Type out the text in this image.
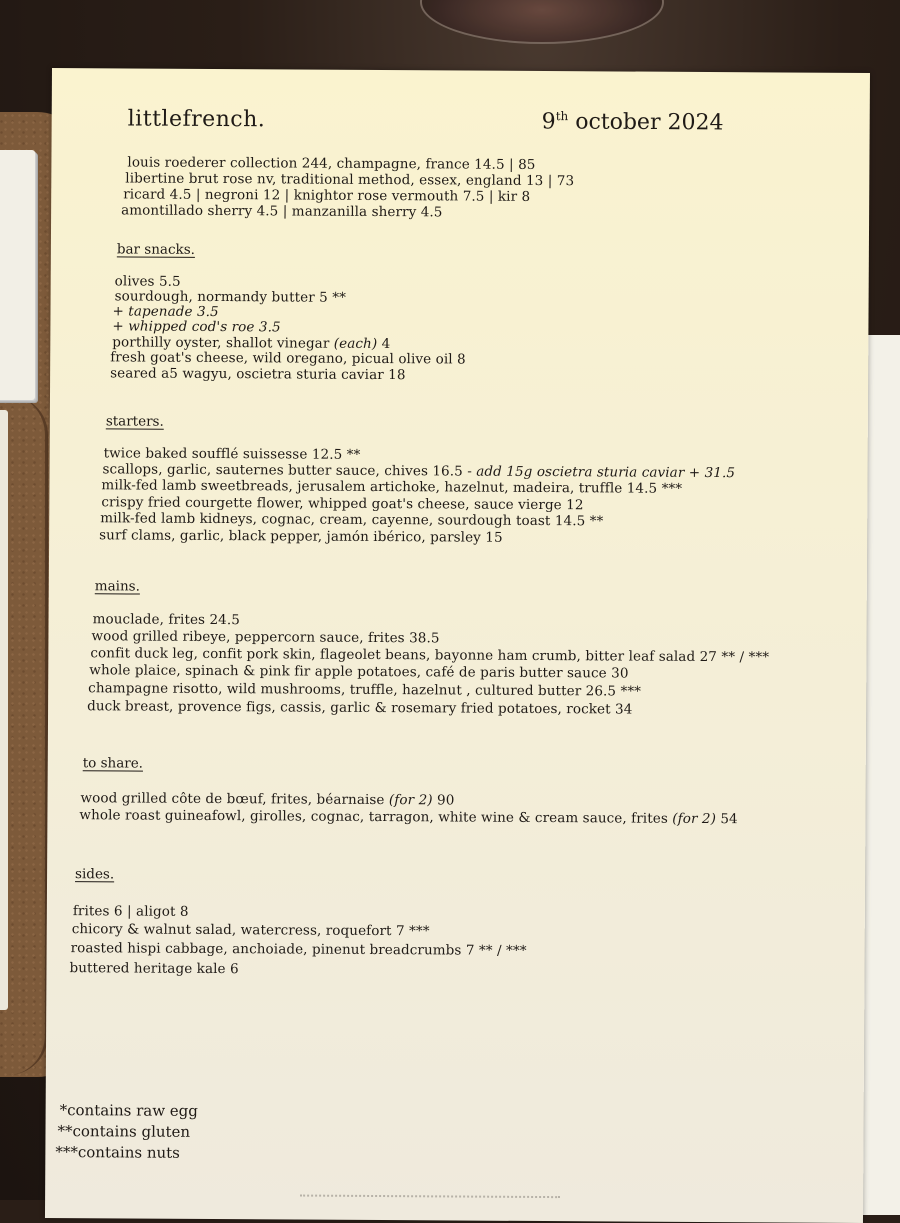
littlefrench.	9th october 2024
louis roederer collection 244, champagne, france 14.5 | 85
libertine brut rose nv, traditional method, essex, england 13 | 73
ricard 4.5 | negroni 12 | knightor rose vermouth 7.5 | kir 8
amontillado sherry 4.5 | manzanilla sherry 4.5
bar snacks.
olives 5.5
sourdough, normandy butter 5 **
+ tapenade 3.5
+ whipped cod's roe 3.5
porthilly oyster, shallot vinegar (each) 4
fresh goat's cheese, wild oregano, picual olive oil 8
seared a5 wagyu, oscietra sturia caviar 18
starters.
twice baked soufflé suissesse 12.5 **
scallops, garlic, sauternes butter sauce, chives 16.5 - add 15g oscietra sturia caviar + 31.5
milk-fed lamb sweetbreads, jerusalem artichoke, hazelnut, madeira, truffle 14.5 ***
crispy fried courgette flower, whipped goat's cheese, sauce vierge 12
milk-fed lamb kidneys, cognac, cream, cayenne, sourdough toast 14.5 **
surf clams, garlic, black pepper, jamón ibérico, parsley 15
mains.
mouclade, frites 24.5
wood grilled ribeye, peppercorn sauce, frites 38.5
confit duck leg, confit pork skin, flageolet beans, bayonne ham crumb, bitter leaf salad 27 ** / ***
whole plaice, spinach & pink fir apple potatoes, café de paris butter sauce 30
champagne risotto, wild mushrooms, truffle, hazelnut , cultured butter 26.5 ***
duck breast, provence figs, cassis, garlic & rosemary fried potatoes, rocket 34
to share.
wood grilled côte de bœuf, frites, béarnaise (for 2) 90
whole roast guineafowl, girolles, cognac, tarragon, white wine & cream sauce, frites (for 2) 54
sides.
frites 6 | aligot 8
chicory & walnut salad, watercress, roquefort 7 ***
roasted hispi cabbage, anchoiade, pinenut breadcrumbs 7 ** / ***
buttered heritage kale 6
*contains raw egg
**contains gluten
***contains nuts
